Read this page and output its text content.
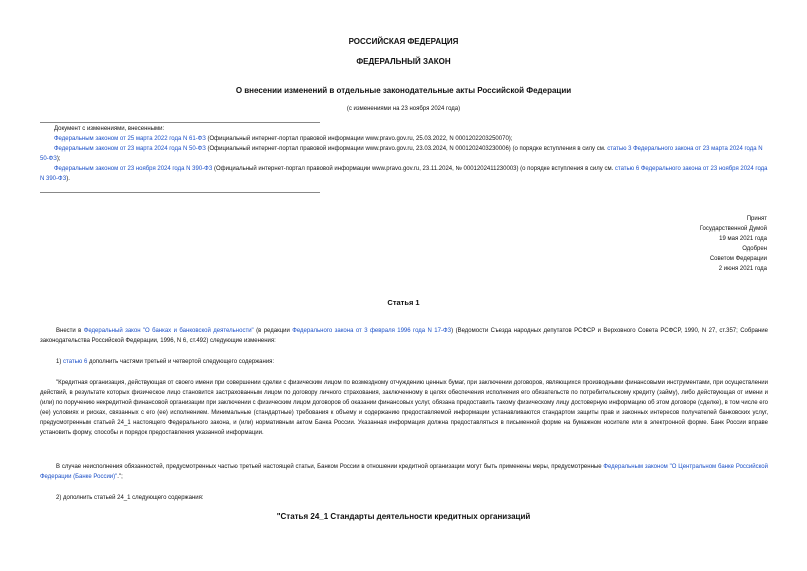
РОССИЙСКАЯ ФЕДЕРАЦИЯ
ФЕДЕРАЛЬНЫЙ ЗАКОН
О внесении изменений в отдельные законодательные акты Российской Федерации
(с изменениями на 23 ноября 2024 года)
Документ с изменениями, внесенными:
Федеральным законом от 25 марта 2022 года N 61-ФЗ (Официальный интернет-портал правовой информации www.pravo.gov.ru, 25.03.2022, N 0001202203250070);
Федеральным законом от 23 марта 2024 года N 50-ФЗ (Официальный интернет-портал правовой информации www.pravo.gov.ru, 23.03.2024, N 0001202403230006) (о порядке вступления в силу см. статью 3 Федерального закона от 23 марта 2024 года N 50-ФЗ);
Федеральным законом от 23 ноября 2024 года N 390-ФЗ (Официальный интернет-портал правовой информации www.pravo.gov.ru, 23.11.2024, № 0001202411230003) (о порядке вступления в силу см. статью 6 Федерального закона от 23 ноября 2024 года N 390-ФЗ).
Принят
Государственной Думой
19 мая 2021 года
Одобрен
Советом Федерации
2 июня 2021 года
Статья 1
Внести в Федеральный закон "О банках и банковской деятельности" (в редакции Федерального закона от 3 февраля 1996 года N 17-ФЗ) (Ведомости Съезда народных депутатов РСФСР и Верховного Совета РСФСР, 1990, N 27, ст.357; Собрание законодательства Российской Федерации, 1996, N 6, ст.492) следующие изменения:
1) статью 6 дополнить частями третьей и четвертой следующего содержания:
"Кредитная организация, действующая от своего имени при совершении сделки с физическим лицом по возмездному отчуждению ценных бумаг, при заключении договоров, являющихся производными финансовыми инструментами, при осуществлении действий, в результате которых физическое лицо становится застрахованным лицом по договору личного страхования, заключенному в целях обеспечения исполнения его обязательств по потребительскому кредиту (займу), либо действующая от имени и (или) по поручению некредитной финансовой организации при заключении с физическим лицом договоров об оказании финансовых услуг, обязана предоставить такому физическому лицу достоверную информацию об этом договоре (сделке), в том числе его (ее) условиях и рисках, связанных с его (ее) исполнением. Минимальные (стандартные) требования к объему и содержанию предоставляемой информации устанавливаются стандартом защиты прав и законных интересов получателей банковских услуг, предусмотренным статьей 24_1 настоящего Федерального закона, и (или) нормативным актом Банка России. Указанная информация должна предоставляться в письменной форме на бумажном носителе или в электронной форме. Банк России вправе установить форму, способы и порядок предоставления указанной информации.
В случае неисполнения обязанностей, предусмотренных частью третьей настоящей статьи, Банком России в отношении кредитной организации могут быть применены меры, предусмотренные Федеральным законом "О Центральном банке Российской Федерации (Банке России)".";
2) дополнить статьей 24_1 следующего содержания:
"Статья 24_1 Стандарты деятельности кредитных организаций
